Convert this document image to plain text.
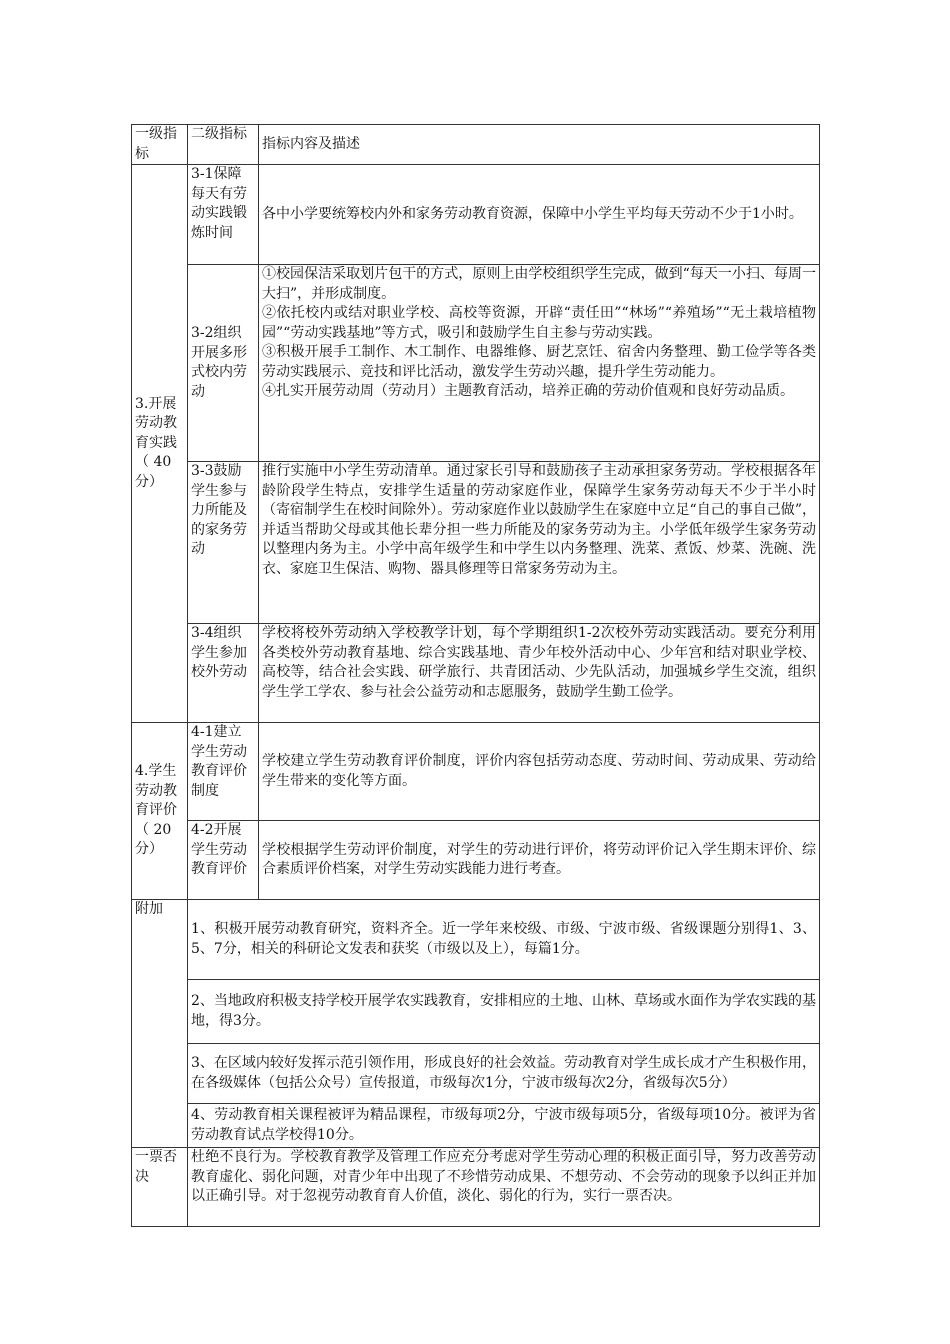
一级指标	二级指标	指标内容及描述
3.开展劳动教育实践（ 40分）	3-1保障每天有劳动实践锻炼时间	各中小学要统筹校内外和家务劳动教育资源，保障中小学生平均每天劳动不少于1小时。

	3-2组织开展多形式校内劳动	①校园保洁采取划片包干的方式，原则上由学校组织学生完成，做到“每天一小扫、每周一大扫”，并形成制度。

②依托校内或结对职业学校、高校等资源，开辟“责任田”“林场”“养殖场”“无土栽培植物园”“劳动实践基地”等方式，吸引和鼓励学生自主参与劳动实践。

③积极开展手工制作、木工制作、电器维修、厨艺烹饪、宿舍内务整理、勤工俭学等各类劳动实践展示、竞技和评比活动，激发学生劳动兴趣，提升学生劳动能力。

④扎实开展劳动周（劳动月）主题教育活动，培养正确的劳动价值观和良好劳动品质。

	3-3鼓励学生参与力所能及的家务劳动	推行实施中小学生劳动清单。通过家长引导和鼓励孩子主动承担家务劳动。学校根据各年龄阶段学生特点，安排学生适量的劳动家庭作业，保障学生家务劳动每天不少于半小时（寄宿制学生在校时间除外）。劳动家庭作业以鼓励学生在家庭中立足“自己的事自己做”，并适当帮助父母或其他长辈分担一些力所能及的家务劳动为主。小学低年级学生家务劳动以整理内务为主。小学中高年级学生和中学生以内务整理、洗菜、煮饭、炒菜、洗碗、洗衣、家庭卫生保洁、购物、器具修理等日常家务劳动为主。

	3-4组织学生参加校外劳动	学校将校外劳动纳入学校教学计划，每个学期组织1-2次校外劳动实践活动。要充分利用各类校外劳动教育基地、综合实践基地、青少年校外活动中心、少年宫和结对职业学校、高校等，结合社会实践、研学旅行、共青团活动、少先队活动，加强城乡学生交流，组织学生学工学农、参与社会公益劳动和志愿服务，鼓励学生勤工俭学。

4.学生劳动教育评价（ 20分）	4-1建立学生劳动教育评价制度	学校建立学生劳动教育评价制度，评价内容包括劳动态度、劳动时间、劳动成果、劳动给学生带来的变化等方面。

	4-2开展学生劳动教育评价	学校根据学生劳动评价制度，对学生的劳动进行评价，将劳动评价记入学生期末评价、综合素质评价档案，对学生劳动实践能力进行考查。

附加	1、积极开展劳动教育研究，资料齐全。近一学年来校级、市级、宁波市级、省级课题分别得1、3、5、7分，相关的科研论文发表和获奖（市级以及上），每篇1分。	
	2、当地政府积极支持学校开展学农实践教育，安排相应的土地、山林、草场或水面作为学农实践的基地，得3分。	
	3、在区域内较好发挥示范引领作用，形成良好的社会效益。劳动教育对学生成长成才产生积极作用，在各级媒体（包括公众号）宣传报道，市级每次1分，宁波市级每次2分，省级每次5分）	
	4、劳动教育相关课程被评为精品课程，市级每项2分，宁波市级每项5分，省级每项10分。被评为省劳动教育试点学校得10分。	
一票否决	杜绝不良行为。学校教育教学及管理工作应充分考虑对学生劳动心理的积极正面引导，努力改善劳动教育虚化、弱化问题，对青少年中出现了不珍惜劳动成果、不想劳动、不会劳动的现象予以纠正并加以正确引导。对于忽视劳动教育育人价值，淡化、弱化的行为，实行一票否决。	
